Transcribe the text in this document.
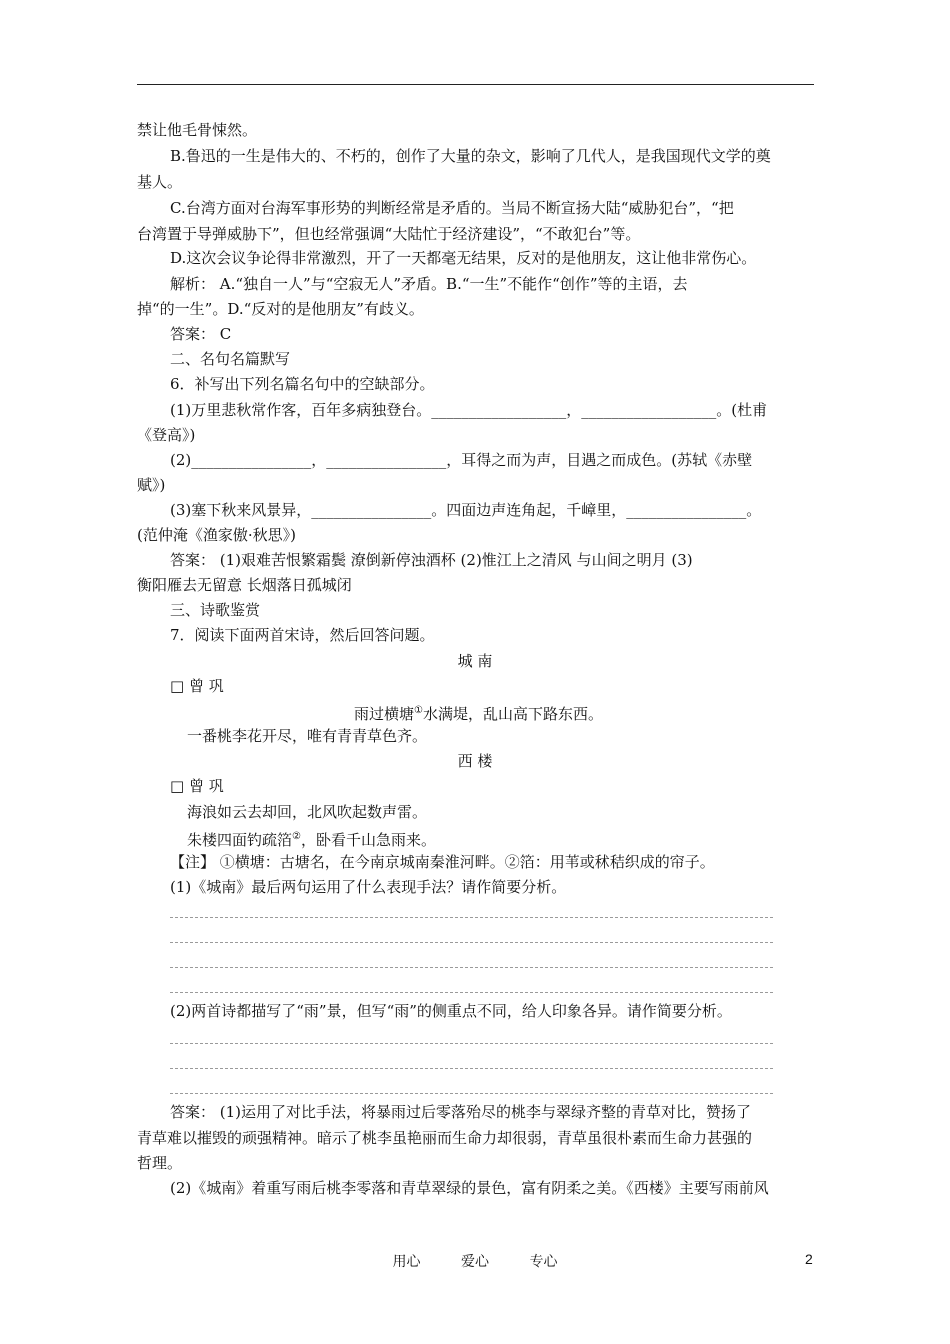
禁让他毛骨悚然。
B.鲁迅的一生是伟大的、不朽的，创作了大量的杂文，影响了几代人，是我国现代文学的奠
基人。
C.台湾方面对台海军事形势的判断经常是矛盾的。当局不断宣扬大陆“威胁犯台”，“把
台湾置于导弹威胁下”，但也经常强调“大陆忙于经济建设”，“不敢犯台”等。
D.这次会议争论得非常激烈，开了一天都毫无结果，反对的是他朋友，这让他非常伤心。
解析： A.“独自一人”与“空寂无人”矛盾。B.“一生”不能作“创作”等的主语，去
掉“的一生”。D.“反对的是他朋友”有歧义。
答案： C
二、名句名篇默写
6．补写出下列名篇名句中的空缺部分。
(1)万里悲秋常作客，百年多病独登台。__________________，__________________。(杜甫
《登高》)
(2)________________，________________，耳得之而为声，目遇之而成色。(苏轼《赤壁
赋》)
(3)塞下秋来风景异，________________。四面边声连角起，千嶂里，________________。
(范仲淹《渔家傲·秋思》)
答案： (1)艰难苦恨繁霜鬓 潦倒新停浊酒杯 (2)惟江上之清风 与山间之明月 (3)
衡阳雁去无留意 长烟落日孤城闭
三、诗歌鉴赏
7．阅读下面两首宋诗，然后回答问题。
城 南
□ 曾 巩
雨过横塘①水满堤，乱山高下路东西。
一番桃李花开尽，唯有青青草色齐。
西 楼
□ 曾 巩
海浪如云去却回，北风吹起数声雷。
朱楼四面钓疏箔②，卧看千山急雨来。
【注】 ①横塘：古塘名，在今南京城南秦淮河畔。②箔：用苇或秫秸织成的帘子。
(1)《城南》最后两句运用了什么表现手法？请作简要分析。
(2)两首诗都描写了“雨”景，但写“雨”的侧重点不同，给人印象各异。请作简要分析。
答案： (1)运用了对比手法，将暴雨过后零落殆尽的桃李与翠绿齐整的青草对比，赞扬了
青草难以摧毁的顽强精神。暗示了桃李虽艳丽而生命力却很弱，青草虽很朴素而生命力甚强的
哲理。
(2)《城南》着重写雨后桃李零落和青草翠绿的景色，富有阴柔之美。《西楼》主要写雨前风
用心	爱心	专心	2
